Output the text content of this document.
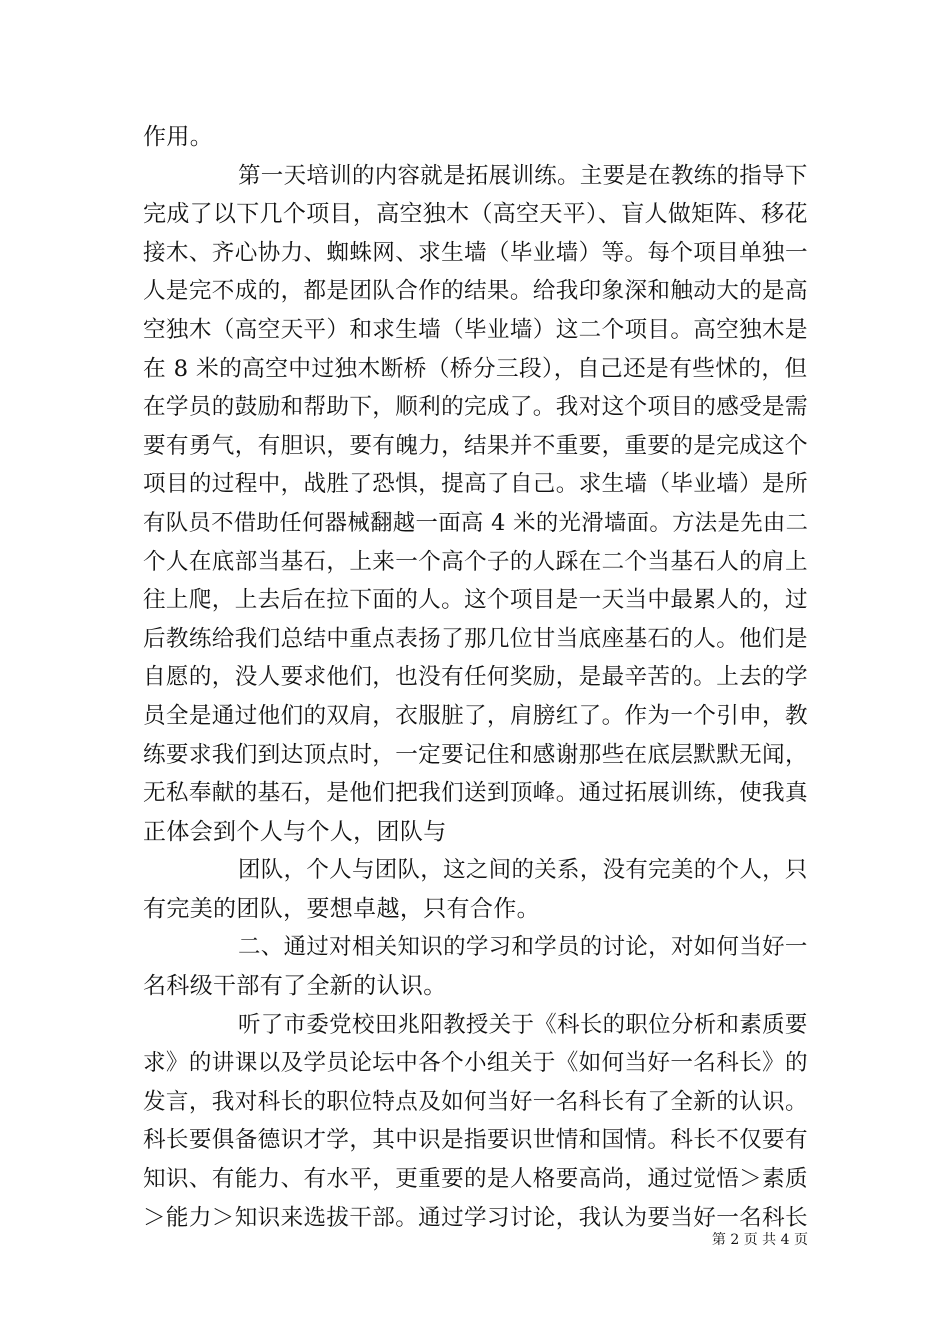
作用。
第一天培训的内容就是拓展训练。主要是在教练的指导下
完成了以下几个项目，高空独木（高空天平）、盲人做矩阵、移花
接木、齐心协力、蜘蛛网、求生墙（毕业墙）等。每个项目单独一
人是完不成的，都是团队合作的结果。给我印象深和触动大的是高
空独木（高空天平）和求生墙（毕业墙）这二个项目。高空独木是
在 8 米的高空中过独木断桥（桥分三段），自己还是有些怵的，但
在学员的鼓励和帮助下，顺利的完成了。我对这个项目的感受是需
要有勇气，有胆识，要有魄力，结果并不重要，重要的是完成这个
项目的过程中，战胜了恐惧，提高了自己。求生墙（毕业墙）是所
有队员不借助任何器械翻越一面高 4 米的光滑墙面。方法是先由二
个人在底部当基石，上来一个高个子的人踩在二个当基石人的肩上
往上爬，上去后在拉下面的人。这个项目是一天当中最累人的，过
后教练给我们总结中重点表扬了那几位甘当底座基石的人。他们是
自愿的，没人要求他们，也没有任何奖励，是最辛苦的。上去的学
员全是通过他们的双肩，衣服脏了，肩膀红了。作为一个引申，教
练要求我们到达顶点时，一定要记住和感谢那些在底层默默无闻，
无私奉献的基石，是他们把我们送到顶峰。通过拓展训练，使我真
正体会到个人与个人，团队与
团队，个人与团队，这之间的关系，没有完美的个人，只
有完美的团队，要想卓越，只有合作。
二、通过对相关知识的学习和学员的讨论，对如何当好一
名科级干部有了全新的认识。
听了市委党校田兆阳教授关于《科长的职位分析和素质要
求》的讲课以及学员论坛中各个小组关于《如何当好一名科长》的
发言，我对科长的职位特点及如何当好一名科长有了全新的认识。
科长要俱备德识才学，其中识是指要识世情和国情。科长不仅要有
知识、有能力、有水平，更重要的是人格要高尚，通过觉悟＞素质
＞能力＞知识来选拔干部。通过学习讨论，我认为要当好一名科长
第 2 页 共 4 页
